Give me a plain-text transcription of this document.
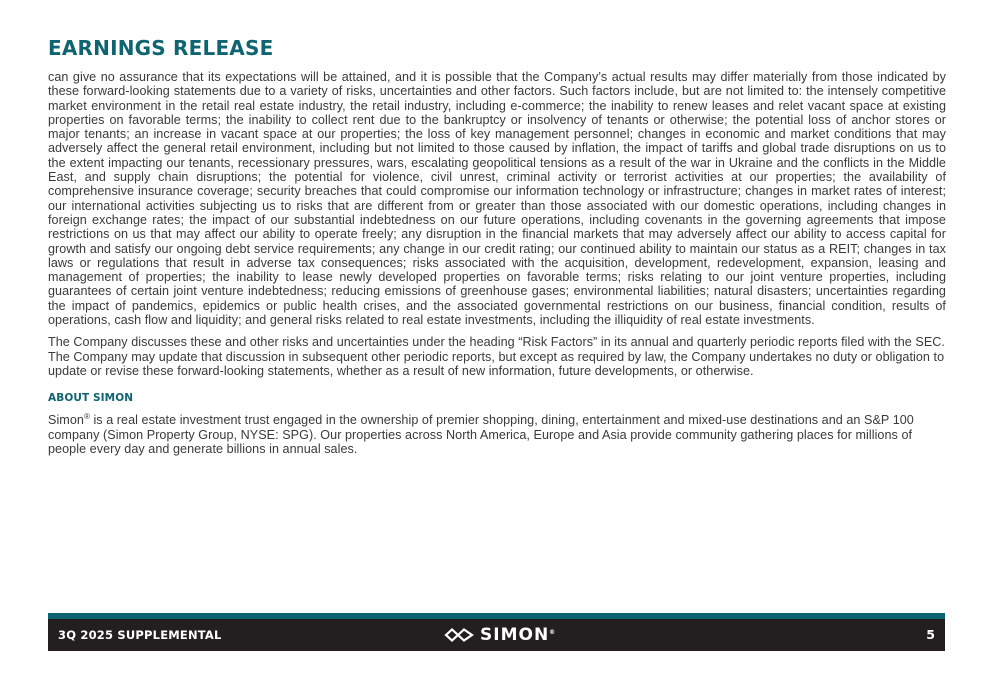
EARNINGS RELEASE

can give no assurance that its expectations will be attained, and it is possible that the Company’s actual results may differ materially from those indicated by these forward-looking statements due to a variety of risks, uncertainties and other factors. Such factors include, but are not limited to: the intensely competitive market environment in the retail real estate industry, the retail industry, including e-commerce; the inability to renew leases and relet vacant space at existing properties on favorable terms; the inability to collect rent due to the bankruptcy or insolvency of tenants or otherwise; the potential loss of anchor stores or major tenants; an increase in vacant space at our properties; the loss of key management personnel; changes in economic and market conditions that may adversely affect the general retail environment, including but not limited to those caused by inflation, the impact of tariffs and global trade disruptions on us to the extent impacting our tenants, recessionary pressures, wars, escalating geopolitical tensions as a result of the war in Ukraine and the conflicts in the Middle East, and supply chain disruptions; the potential for violence, civil unrest, criminal activity or terrorist activities at our properties; the availability of comprehensive insurance coverage; security breaches that could compromise our information technology or infrastructure; changes in market rates of interest; our international activities subjecting us to risks that are different from or greater than those associated with our domestic operations, including changes in foreign exchange rates; the impact of our substantial indebtedness on our future operations, including covenants in the governing agreements that impose restrictions on us that may affect our ability to operate freely; any disruption in the financial markets that may adversely affect our ability to access capital for growth and satisfy our ongoing debt service requirements; any change in our credit rating; our continued ability to maintain our status as a REIT; changes in tax laws or regulations that result in adverse tax consequences; risks associated with the acquisition, development, redevelopment, expansion, leasing and management of properties; the inability to lease newly developed properties on favorable terms; risks relating to our joint venture properties, including guarantees of certain joint venture indebtedness; reducing emissions of greenhouse gases; environmental liabilities; natural disasters; uncertainties regarding the impact of pandemics, epidemics or public health crises, and the associated governmental restrictions on our business, financial condition, results of operations, cash flow and liquidity; and general risks related to real estate investments, including the illiquidity of real estate investments.

The Company discusses these and other risks and uncertainties under the heading “Risk Factors” in its annual and quarterly periodic reports filed with the SEC. The Company may update that discussion in subsequent other periodic reports, but except as required by law, the Company undertakes no duty or obligation to update or revise these forward-looking statements, whether as a result of new information, future developments, or otherwise.

ABOUT SIMON

Simon® is a real estate investment trust engaged in the ownership of premier shopping, dining, entertainment and mixed-use destinations and an S&P 100 company (Simon Property Group, NYSE: SPG). Our properties across North America, Europe and Asia provide community gathering places for millions of people every day and generate billions in annual sales.

3Q 2025 SUPPLEMENTAL	SIMON®	5
